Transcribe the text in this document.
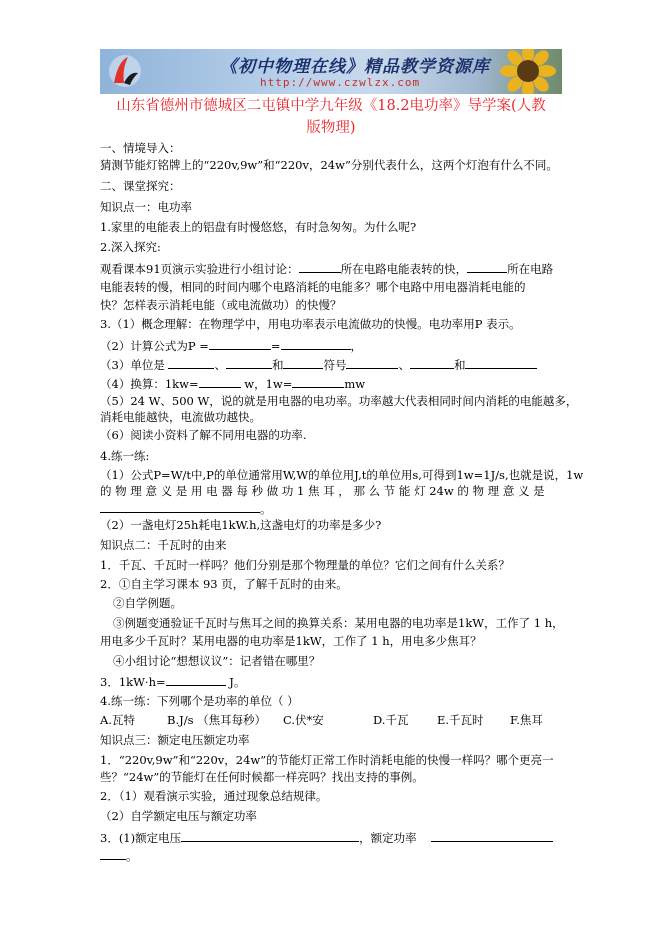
《初中物理在线》精品教学资源库
http://www.czwlzx.com
山东省德州市德城区二屯镇中学九年级《18.2电功率》导学案(人教
版物理)
一、情境导入：
猜测节能灯铭牌上的“220v,9w”和“220v，24w”分别代表什么，这两个灯泡有什么不同。
二、课堂探究：
知识点一：电功率
1.家里的电能表上的铝盘有时慢悠悠，有时急匆匆。为什么呢?
2.深入探究:
观看课本91页演示实验进行小组讨论：	所在电路电能表转的快，	所在电路
电能表转的慢，相同的时间内哪个电路消耗的电能多？哪个电路中用电器消耗电能的
快？怎样表示消耗电能（或电流做功）的快慢？
3.（1）概念理解：在物理学中，用电功率表示电流做功的快慢。电功率用P 表示。
（2）计算公式为P =	=	，
（3）单位是	、	和	符号	、	和
（4）换算：1kw=	w，1w=	mw
（5）24 W、500 W，说的就是用电器的电功率。功率越大代表相同时间内消耗的电能越多，
消耗电能越快，电流做功越快。
（6）阅读小资料了解不同用电器的功率.
4.练一练:
（1）公式P=W/t中,P的单位通常用W,W的单位用J,t的单位用s,可得到1w=1J/s,也就是说，1w
的 物 理 意 义 是 用 电 器 每 秒 做 功 1 焦 耳 ， 那 么 节 能 灯 24w 的 物 理 意 义 是
。
（2）一盏电灯25h耗电1kW.h,这盏电灯的功率是多少?
知识点二：千瓦时的由来
1．千瓦、千瓦时一样吗？他们分别是那个物理量的单位？它们之间有什么关系？
2．①自主学习课本 93 页，了解千瓦时的由来。
②自学例题。
③例题变通验证千瓦时与焦耳之间的换算关系：某用电器的电功率是1kW，工作了 1 h，
用电多少千瓦时？某用电器的电功率是1kW，工作了 1 h，用电多少焦耳？
④小组讨论“想想议议”：记者错在哪里？
3．1kW·h=	J。
4.练一练：下列哪个是功率的单位（ ）
A.瓦特	B.J/s （焦耳每秒） C.伏*安	D.千瓦 E.千瓦时 F.焦耳
知识点三：额定电压额定功率
1．“220v,9w”和“220v，24w”的节能灯正常工作时消耗电能的快慢一样吗？哪个更亮一
些？“24w”的节能灯在任何时候都一样亮吗？找出支持的事例。
2．（1）观看演示实验，通过现象总结规律。
（2）自学额定电压与额定功率
3．(1)额定电压	，额定功率
。
